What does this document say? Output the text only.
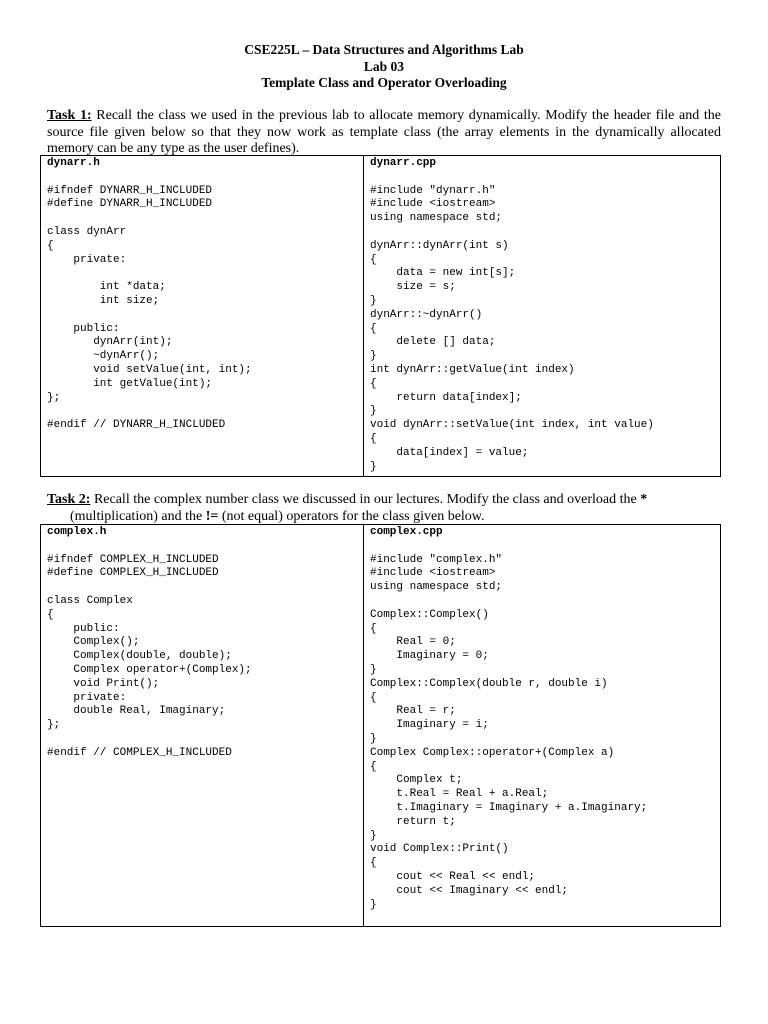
CSE225L – Data Structures and Algorithms Lab
Lab 03
Template Class and Operator Overloading
Task 1: Recall the class we used in the previous lab to allocate memory dynamically. Modify the header file and the source file given below so that they now work as template class (the array elements in the dynamically allocated memory can be any type as the user defines).
dynarr.h
#ifndef DYNARR_H_INCLUDED
#define DYNARR_H_INCLUDED
class dynArr
{
private:
int *data;
int size;
public:
dynArr(int);
~dynArr();
void setValue(int, int);
int getValue(int);
};
#endif // DYNARR_H_INCLUDED

dynarr.cpp
#include "dynarr.h"
#include <iostream>
using namespace std;
dynArr::dynArr(int s)
{
data = new int[s];
size = s;
}
dynArr::~dynArr()
{
delete [] data;
}
int dynArr::getValue(int index)
{
return data[index];
}
void dynArr::setValue(int index, int value)
{
data[index] = value;
}
Task 2: Recall the complex number class we discussed in our lectures. Modify the class and overload the *
(multiplication) and the != (not equal) operators for the class given below.
complex.h
#ifndef COMPLEX_H_INCLUDED
#define COMPLEX_H_INCLUDED
class Complex
{
public:
Complex();
Complex(double, double);
Complex operator+(Complex);
void Print();
private:
double Real, Imaginary;
};
#endif // COMPLEX_H_INCLUDED

complex.cpp
#include "complex.h"
#include <iostream>
using namespace std;
Complex::Complex()
{
Real = 0;
Imaginary = 0;
}
Complex::Complex(double r, double i)
{
Real = r;
Imaginary = i;
}
Complex Complex::operator+(Complex a)
{
Complex t;
t.Real = Real + a.Real;
t.Imaginary = Imaginary + a.Imaginary;
return t;
}
void Complex::Print()
{
cout << Real << endl;
cout << Imaginary << endl;
}
